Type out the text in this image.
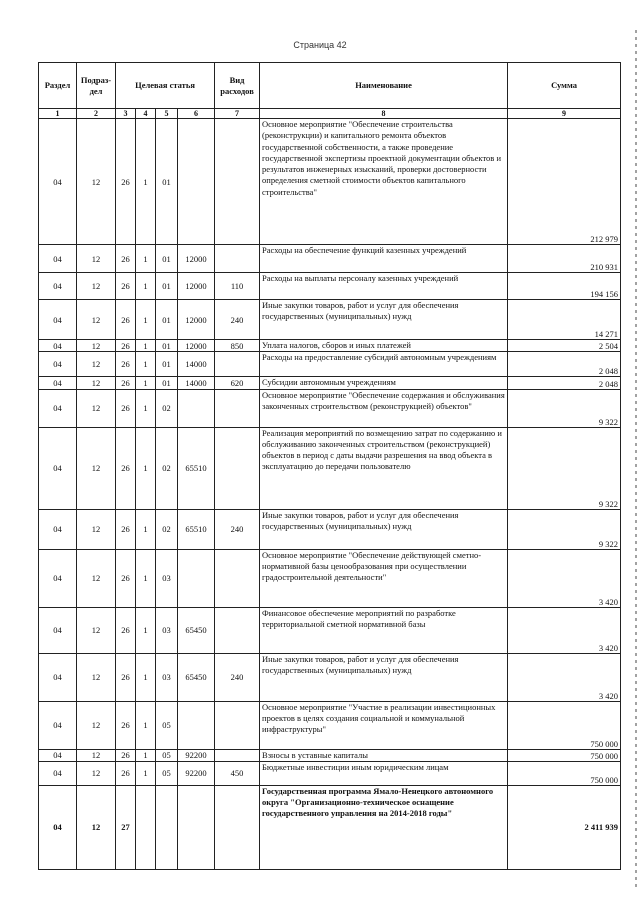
Страница 42
Раздел	Подраз-дел	Целевая статья				Вид расходов	Наименование	Сумма
1	2	3	4	5	6	7	8	9
04	12	26	1	01			Основное мероприятие "Обеспечение строительства (реконструкции) и капитального ремонта объектов государственной собственности, а также проведение государственной экспертизы проектной документации объектов и результатов инженерных изысканий, проверки достоверности определения сметной стоимости объектов капитального строительства"	212 979
04	12	26	1	01	12000		Расходы на обеспечение функций казенных учреждений	210 931
04	12	26	1	01	12000	110	Расходы на выплаты персоналу казенных учреждений	194 156
04	12	26	1	01	12000	240	Иные закупки товаров, работ и услуг для обеспечения государственных (муниципальных) нужд	14 271
04	12	26	1	01	12000	850	Уплата налогов, сборов и иных платежей	2 504
04	12	26	1	01	14000		Расходы на предоставление субсидий автономным учреждениям	2 048
04	12	26	1	01	14000	620	Субсидии автономным учреждениям	2 048
04	12	26	1	02			Основное мероприятие "Обеспечение содержания и обслуживания законченных строительством (реконструкцией) объектов"	9 322
04	12	26	1	02	65510		Реализация мероприятий по возмещению затрат по содержанию и обслуживанию законченных строительством (реконструкцией) объектов в период с даты выдачи разрешения на ввод объекта в эксплуатацию до передачи пользователю	9 322
04	12	26	1	02	65510	240	Иные закупки товаров, работ и услуг для обеспечения государственных (муниципальных) нужд	9 322
04	12	26	1	03			Основное мероприятие "Обеспечение действующей сметно-нормативной базы ценообразования при осуществлении градостроительной деятельности"	3 420
04	12	26	1	03	65450		Финансовое обеспечение мероприятий по разработке территориальной сметной нормативной базы	3 420
04	12	26	1	03	65450	240	Иные закупки товаров, работ и услуг для обеспечения государственных (муниципальных) нужд	3 420
04	12	26	1	05			Основное мероприятие "Участие в реализации инвестиционных проектов в целях создания социальной и коммунальной инфраструктуры"	750 000
04	12	26	1	05	92200		Взносы в уставные капиталы	750 000
04	12	26	1	05	92200	450	Бюджетные инвестиции иным юридическим лицам	750 000
04	12	27					Государственная программа Ямало-Ненецкого автономного округа "Организационно-техническое оснащение государственного управления на 2014-2018 годы"	2 411 939
